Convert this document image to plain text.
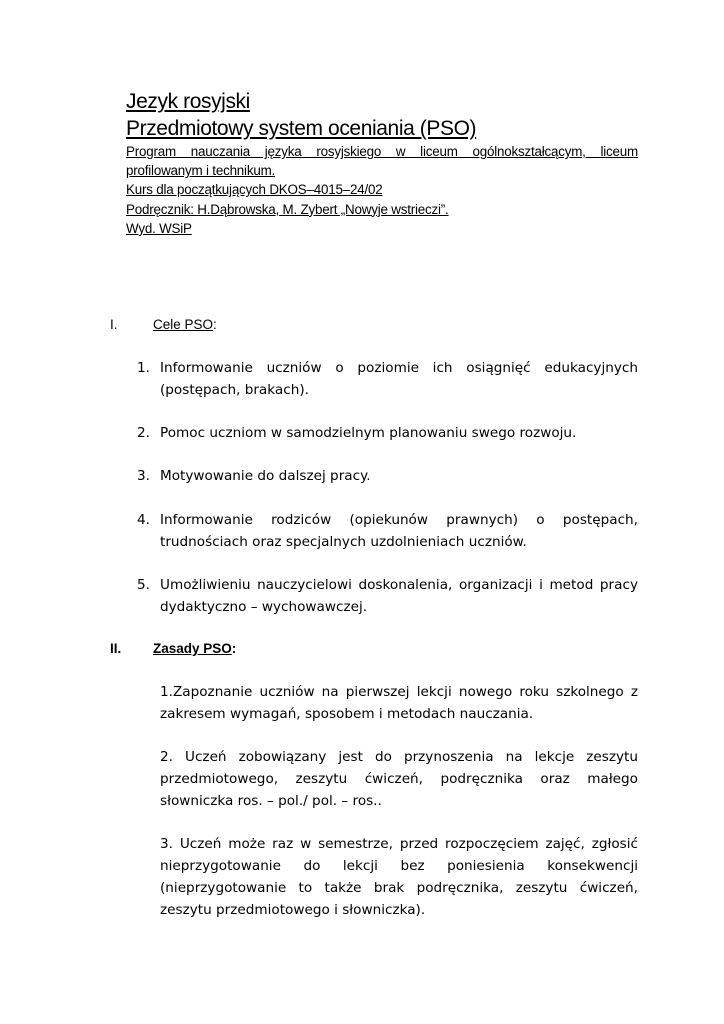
Jezyk rosyjski
Przedmiotowy system oceniania (PSO)
Program nauczania języka rosyjskiego w liceum ogólnokształcącym, liceum profilowanym i technikum.
Kurs dla początkujących DKOS–4015–24/02
Podręcznik: H.Dąbrowska, M. Zybert „Nowyje wstrieczi”.
Wyd. WSiP
I.	Cele PSO:
1. Informowanie uczniów o poziomie ich osiągnięć edukacyjnych (postępach, brakach).
2. Pomoc uczniom w samodzielnym planowaniu swego rozwoju.
3. Motywowanie do dalszej pracy.
4. Informowanie rodziców (opiekunów prawnych) o postępach, trudnościach oraz specjalnych uzdolnieniach uczniów.
5. Umożliwieniu nauczycielowi doskonalenia, organizacji i metod pracy dydaktyczno – wychowawczej.
II. Zasady PSO:
1.Zapoznanie uczniów na pierwszej lekcji nowego roku szkolnego z zakresem wymagań, sposobem i metodach nauczania.
2. Uczeń zobowiązany jest do przynoszenia na lekcje zeszytu przedmiotowego, zeszytu ćwiczeń, podręcznika oraz małego słowniczka ros. – pol./ pol. – ros..
3. Uczeń może raz w semestrze, przed rozpoczęciem zajęć, zgłosić nieprzygotowanie do lekcji bez poniesienia konsekwencji (nieprzygotowanie to także brak podręcznika, zeszytu ćwiczeń, zeszytu przedmiotowego i słowniczka).
